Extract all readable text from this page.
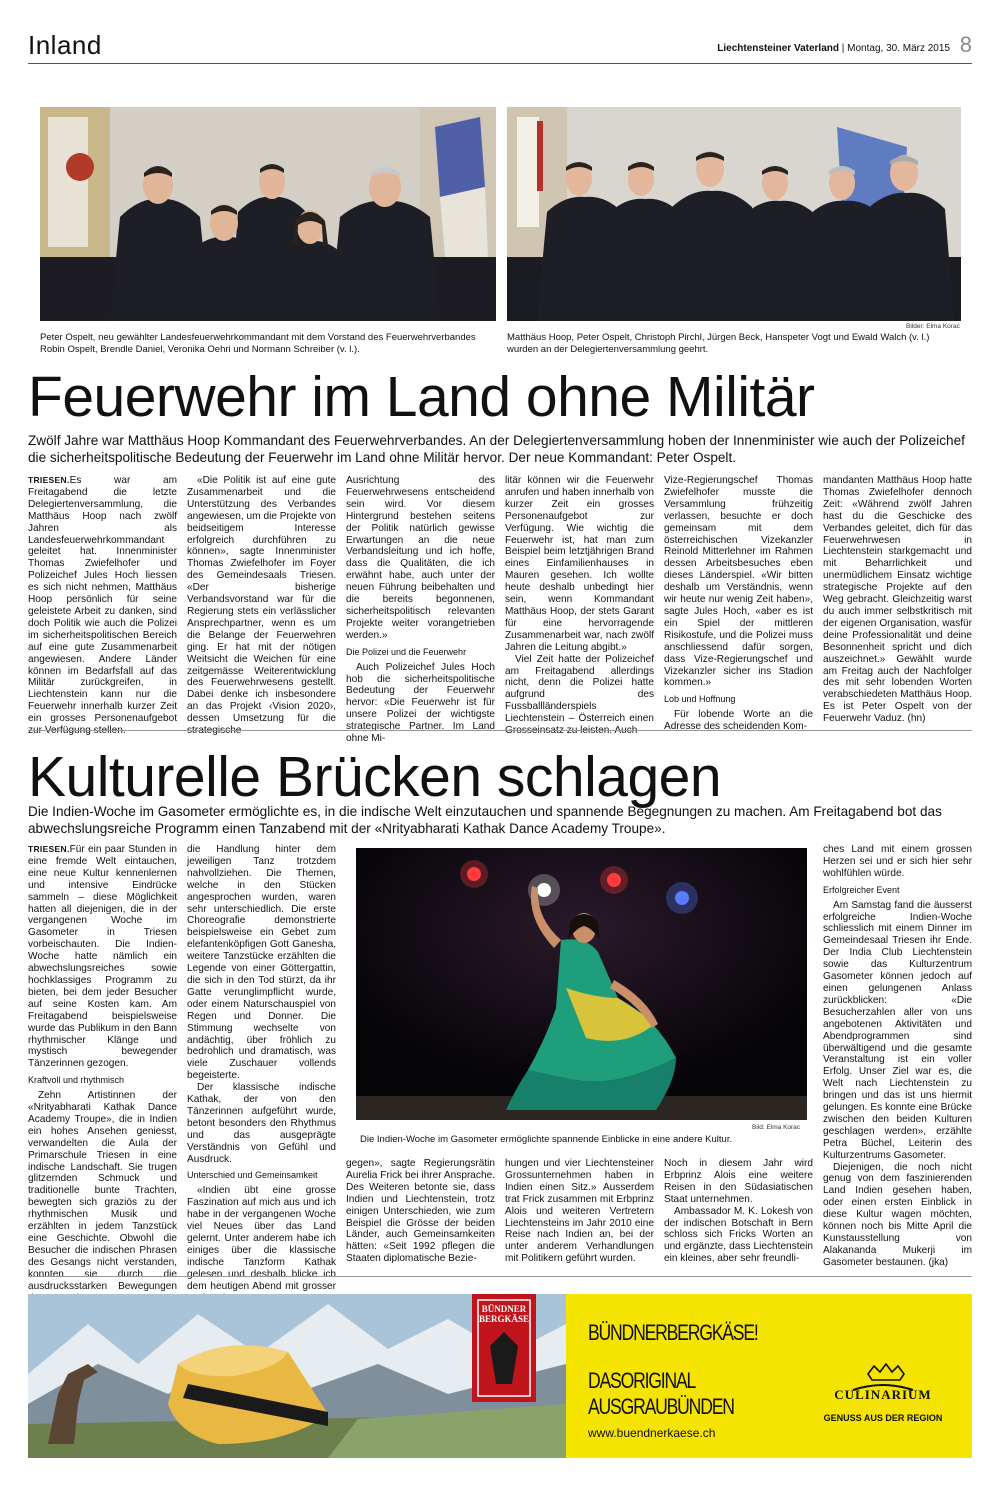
Inland	Liechtensteiner Vaterland | Montag, 30. März 2015 8
Bilder: Elma Korac
Peter Ospelt, neu gewählter Landesfeuerwehrkommandant mit dem Vorstand des Feuerwehrverbandes Robin Ospelt, Brendle Daniel, Veronika Oehri und Normann Schreiber (v. l.).
Matthäus Hoop, Peter Ospelt, Christoph Pirchl, Jürgen Beck, Hanspeter Vogt und Ewald Walch (v. l.) wurden an der Delegiertenversammlung geehrt.
Feuerwehr im Land ohne Militär

Zwölf Jahre war Matthäus Hoop Kommandant des Feuerwehrverbandes. An der Delegiertenversammlung hoben der Innenminister wie auch der Polizeichef die sicherheitspolitische Bedeutung der Feuerwehr im Land ohne Militär hervor. Der neue Kommandant: Peter Ospelt.

TRIESEN.Es war am Freitagabend die letzte Delegiertenversammlung, die Matthäus Hoop nach zwölf Jahren als Landesfeuerwehrkommandant geleitet hat. Innenminister Thomas Zwiefelhofer und Polizeichef Jules Hoch liessen es sich nicht nehmen, Matthäus Hoop persönlich für seine geleistete Arbeit zu danken, sind doch Politik wie auch die Polizei im sicherheitspolitischen Bereich auf eine gute Zusammenarbeit angewiesen. Andere Länder können im Bedarfsfall auf das Militär zurückgreifen, in Liechtenstein kann nur die Feuerwehr innerhalb kurzer Zeit ein grosses Personenaufgebot zur Verfügung stellen.

«Die Politik ist auf eine gute Zusammenarbeit und die Unterstützung des Verbandes angewiesen, um die Projekte von beidseitigem Interesse erfolgreich durchführen zu können», sagte Innenminister Thomas Zwiefelhofer im Foyer des Gemeindesaals Triesen. «Der bisherige Verbandsvorstand war für die Regierung stets ein verlässlicher Ansprechpartner, wenn es um die Belange der Feuerwehren ging. Er hat mit der nötigen Weitsicht die Weichen für eine zeitgemässe Weiterentwicklung des Feuerwehrwesens gestellt. Dabei denke ich insbesondere an das Projekt ‹Vision 2020›, dessen Umsetzung für die strategische

Ausrichtung des Feuerwehrwesens entscheidend sein wird. Vor diesem Hintergrund bestehen seitens der Politik natürlich gewisse Erwartungen an die neue Verbandsleitung und ich hoffe, dass die Qualitäten, die ich erwähnt habe, auch unter der neuen Führung beibehalten und die bereits begonnenen, sicherheitspolitisch relevanten Projekte weiter vorangetrieben werden.»

Die Polizei und die Feuerwehr

Auch Polizeichef Jules Hoch hob die sicherheitspolitische Bedeutung der Feuerwehr hervor: «Die Feuerwehr ist für unsere Polizei der wichtigste strategische Partner. Im Land ohne Mi-

litär können wir die Feuerwehr anrufen und haben innerhalb von kurzer Zeit ein grosses Personenaufgebot zur Verfügung. Wie wichtig die Feuerwehr ist, hat man zum Beispiel beim letztjährigen Brand eines Einfamilienhauses in Mauren gesehen. Ich wollte heute deshalb unbedingt hier sein, wenn Kommandant Matthäus Hoop, der stets Garant für eine hervorragende Zusammenarbeit war, nach zwölf Jahren die Leitung abgibt.»

Viel Zeit hatte der Polizeichef am Freitagabend allerdings nicht, denn die Polizei hatte aufgrund des Fussballländerspiels Liechtenstein – Österreich einen Grosseinsatz zu leisten. Auch

Vize-Regierungschef Thomas Zwiefelhofer musste die Versammlung frühzeitig verlassen, besuchte er doch gemeinsam mit dem österreichischen Vizekanzler Reinold Mitterlehner im Rahmen dessen Arbeitsbesuches eben dieses Länderspiel. «Wir bitten deshalb um Verständnis, wenn wir heute nur wenig Zeit haben», sagte Jules Hoch, «aber es ist ein Spiel der mittleren Risikostufe, und die Polizei muss anschliessend dafür sorgen, dass Vize-Regierungschef und Vizekanzler sicher ins Stadion kommen.»

Lob und Hoffnung

Für lobende Worte an die Adresse des scheidenden Kom-

mandanten Matthäus Hoop hatte Thomas Zwiefelhofer dennoch Zeit: «Während zwölf Jahren hast du die Geschicke des Verbandes geleitet, dich für das Feuerwehrwesen in Liechtenstein starkgemacht und mit Beharrlichkeit und unermüdlichem Einsatz wichtige strategische Projekte auf den Weg gebracht. Gleichzeitig warst du auch immer selbstkritisch mit der eigenen Organisation, wasfür deine Professionalität und deine Besonnenheit spricht und dich auszeichnet.» Gewählt wurde am Freitag auch der Nachfolger des mit sehr lobenden Worten verabschiedeten Matthäus Hoop. Es ist Peter Ospelt von der Feuerwehr Vaduz. (hn)

Kulturelle Brücken schlagen

Die Indien-Woche im Gasometer ermöglichte es, in die indische Welt einzutauchen und spannende Begegnungen zu machen. Am Freitagabend bot das abwechslungsreiche Programm einen Tanzabend mit der «Nrityabharati Kathak Dance Academy Troupe».

TRIESEN.Für ein paar Stunden in eine fremde Welt eintauchen, eine neue Kultur kennenlernen und intensive Eindrücke sammeln – diese Möglichkeit hatten all diejenigen, die in der vergangenen Woche im Gasometer in Triesen vorbeischauten. Die Indien-Woche hatte nämlich ein abwechslungsreiches sowie hochklassiges Programm zu bieten, bei dem jeder Besucher auf seine Kosten kam. Am Freitagabend beispielsweise wurde das Publikum in den Bann rhythmischer Klänge und mystisch bewegender Tänzerinnen gezogen.

Kraftvoll und rhythmisch

Zehn Artistinnen der «Nrityabharati Kathak Dance Academy Troupe», die in Indien ein hohes Ansehen geniesst, verwandelten die Aula der Primarschule Triesen in eine indische Landschaft. Sie trugen glitzernden Schmuck und traditionelle bunte Trachten, bewegten sich graziös zu der rhythmischen Musik und erzählten in jedem Tanzstück eine Geschichte. Obwohl die Besucher die indischen Phrasen des Gesangs nicht verstanden, konnten sie durch die ausdrucksstarken Bewegungen

die Handlung hinter dem jeweiligen Tanz trotzdem nahvollziehen. Die Themen, welche in den Stücken angesprochen wurden, waren sehr unterschiedlich. Die erste Choreografie demonstrierte beispielsweise ein Gebet zum elefantenköpfigen Gott Ganesha, weitere Tanzstücke erzählten die Legende von einer Göttergattin, die sich in den Tod stürzt, da ihr Gatte verunglimpflicht wurde, oder einem Naturschauspiel von Regen und Donner. Die Stimmung wechselte von andächtig, über fröhlich zu bedrohlich und dramatisch, was viele Zuschauer vollends begeisterte.

Der klassische indische Kathak, der von den Tänzerinnen aufgeführt wurde, betont besonders den Rhythmus und das ausgeprägte Verständnis von Gefühl und Ausdruck.

Unterschied und Gemeinsamkeit

«Indien übt eine grosse Faszination auf mich aus und ich habe in der vergangenen Woche viel Neues über das Land gelernt. Unter anderem habe ich einiges über die klassische indische Tanzform Kathak gelesen und deshalb blicke ich dem heutigen Abend mit grosser

gegen», sagte Regierungsrätin Aurelia Frick bei ihrer Ansprache. Des Weiteren betonte sie, dass Indien und Liechtenstein, trotz einigen Unterschieden, wie zum Beispiel die Grösse der beiden Länder, auch Gemeinsamkeiten hätten: «Seit 1992 pflegen die Staaten diplomatische Bezie-

hungen und vier Liechtensteiner Grossunternehmen haben in Indien einen Sitz.» Ausserdem trat Frick zusammen mit Erbprinz Alois und weiteren Vertretern Liechtensteins im Jahr 2010 eine Reise nach Indien an, bei der unter anderem Verhandlungen mit Politikern geführt wurden.

Noch in diesem Jahr wird Erbprinz Alois eine weitere Reisen in den Südasiatischen Staat unternehmen.

Ambassador M. K. Lokesh von der indischen Botschaft in Bern schloss sich Fricks Worten an und ergänzte, dass Liechtenstein ein kleines, aber sehr freundli-

ches Land mit einem grossen Herzen sei und er sich hier sehr wohlfühlen würde.

Erfolgreicher Event

Am Samstag fand die äusserst erfolgreiche Indien-Woche schliesslich mit einem Dinner im Gemeindesaal Triesen ihr Ende. Der India Club Liechtenstein sowie das Kulturzentrum Gasometer können jedoch auf einen gelungenen Anlass zurückblicken: «Die Besucherzahlen aller von uns angebotenen Aktivitäten und Abendprogrammen sind überwältigend und die gesamte Veranstaltung ist ein voller Erfolg. Unser Ziel war es, die Welt nach Liechtenstein zu bringen und das ist uns hiermit gelungen. Es konnte eine Brücke zwischen den beiden Kulturen geschlagen werden», erzählte Petra Büchel, Leiterin des Kulturzentrums Gasometer.

Diejenigen, die noch nicht genug von dem faszinierenden Land Indien gesehen haben, oder einen ersten Einblick in diese Kultur wagen möchten, können noch bis Mitte April die Kunstausstellung von Alakananda Mukerji im Gasometer bestaunen. (jka)

Bild: Elma Korac
Die Indien-Woche im Gasometer ermöglichte spannende Einblicke in eine andere Kultur.
BÜNDNER
BERGKÄSE
BÜNDNERBERGKÄSE!
DASORIGINAL
AUSGRAUBÜNDEN
www.buendnerkaese.ch
CULINARIUM
GENUSS AUS DER REGION
